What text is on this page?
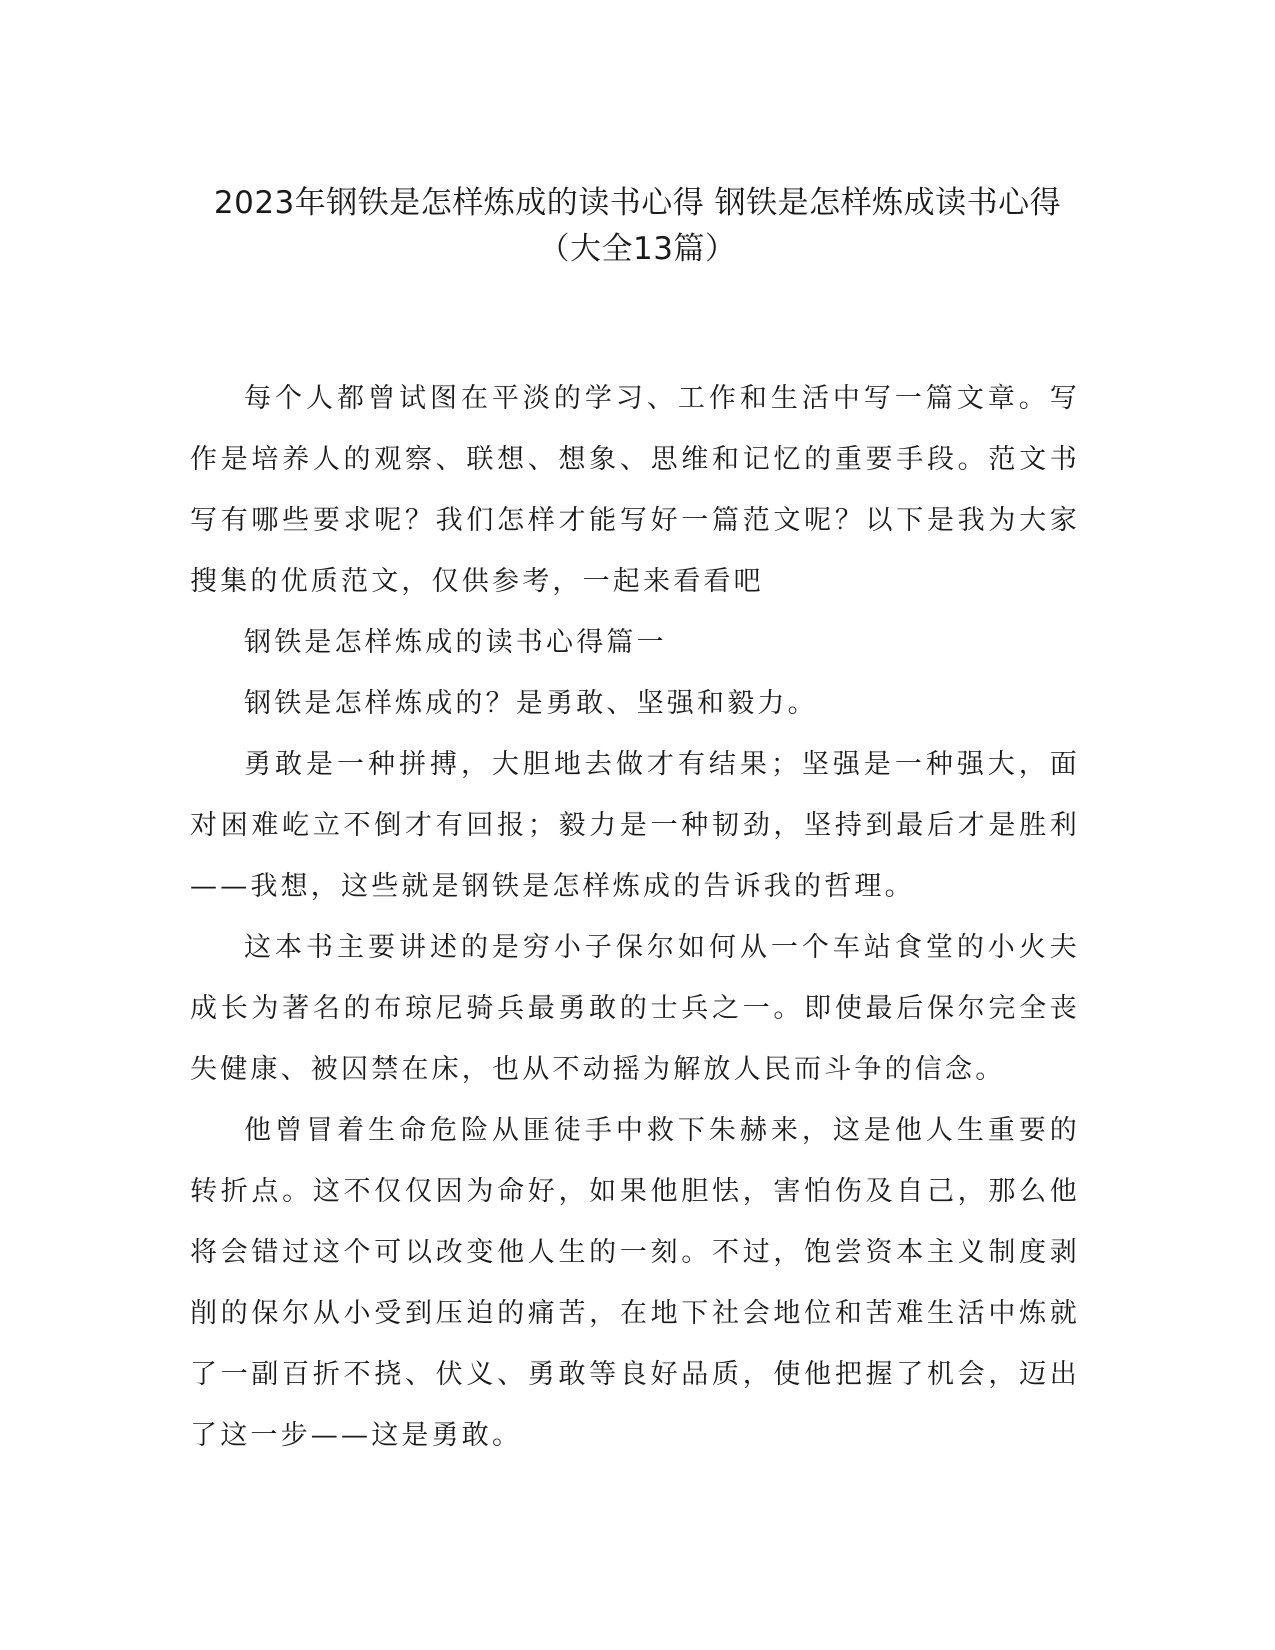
2023年钢铁是怎样炼成的读书心得 钢铁是怎样炼成读书心得
（大全13篇）

每个人都曾试图在平淡的学习、工作和生活中写一篇文章。写作是培养人的观察、联想、想象、思维和记忆的重要手段。范文书写有哪些要求呢？我们怎样才能写好一篇范文呢？以下是我为大家搜集的优质范文，仅供参考，一起来看看吧

钢铁是怎样炼成的读书心得篇一

钢铁是怎样炼成的？是勇敢、坚强和毅力。

勇敢是一种拼搏，大胆地去做才有结果；坚强是一种强大，面对困难屹立不倒才有回报；毅力是一种韧劲，坚持到最后才是胜利——我想，这些就是钢铁是怎样炼成的告诉我的哲理。

这本书主要讲述的是穷小子保尔如何从一个车站食堂的小火夫成长为著名的布琼尼骑兵最勇敢的士兵之一。即使最后保尔完全丧失健康、被囚禁在床，也从不动摇为解放人民而斗争的信念。

他曾冒着生命危险从匪徒手中救下朱赫来，这是他人生重要的转折点。这不仅仅因为命好，如果他胆怯，害怕伤及自己，那么他将会错过这个可以改变他人生的一刻。不过，饱尝资本主义制度剥削的保尔从小受到压迫的痛苦，在地下社会地位和苦难生活中炼就了一副百折不挠、伏义、勇敢等良好品质，使他把握了机会，迈出了这一步——这是勇敢。
